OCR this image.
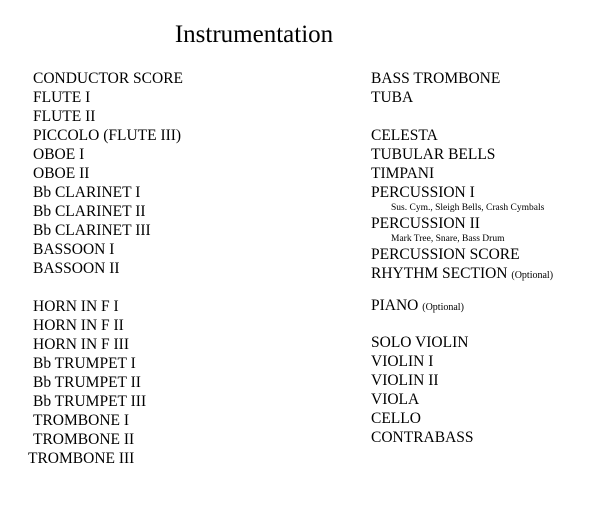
Instrumentation
CONDUCTOR SCORE
FLUTE I
FLUTE II
PICCOLO (FLUTE III)
OBOE I
OBOE II
Bb CLARINET I
Bb CLARINET II
Bb CLARINET III
BASSOON I
BASSOON II
HORN IN F I
HORN IN F II
HORN IN F III
Bb TRUMPET I
Bb TRUMPET II
Bb TRUMPET III
TROMBONE I
TROMBONE II
TROMBONE III
BASS TROMBONE
TUBA
CELESTA
TUBULAR BELLS
TIMPANI
PERCUSSION I
Sus. Cym., Sleigh Bells, Crash Cymbals
PERCUSSION II
Mark Tree, Snare, Bass Drum
PERCUSSION SCORE
RHYTHM SECTION (Optional)
PIANO (Optional)
SOLO VIOLIN
VIOLIN I
VIOLIN II
VIOLA
CELLO
CONTRABASS
